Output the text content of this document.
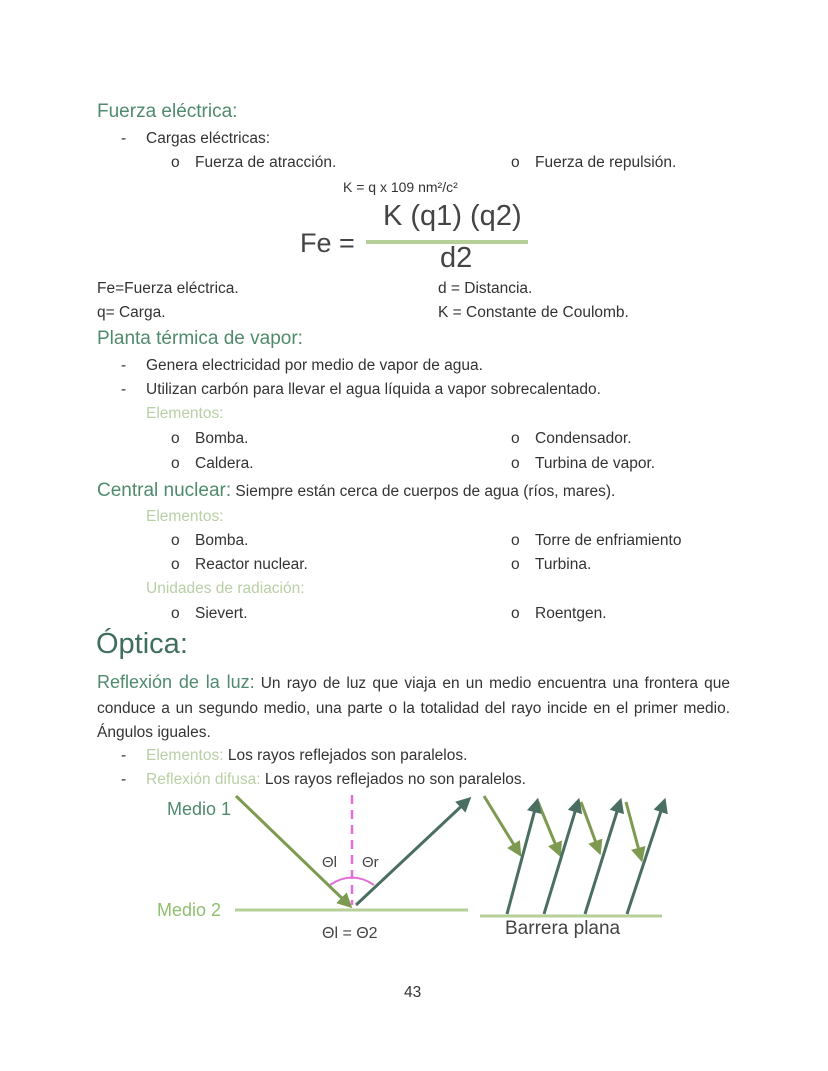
Fuerza eléctrica:
- Cargas eléctricas:
o Fuerza de atracción.	o Fuerza de repulsión.
K = q x 109 nm²/c²
Fe =
K (q1) (q2)
d2
Fe=Fuerza eléctrica.	d = Distancia.
q= Carga.	K = Constante de Coulomb.
Planta térmica de vapor:
- Genera electricidad por medio de vapor de agua.
- Utilizan carbón para llevar el agua líquida a vapor sobrecalentado.
Elementos:
o Bomba.	o Condensador.
o Caldera.	o Turbina de vapor.
Central nuclear: Siempre están cerca de cuerpos de agua (ríos, mares).
Elementos:
o Bomba.	o Torre de enfriamiento
o Reactor nuclear.	o Turbina.
Unidades de radiación:
o Sievert.	o Roentgen.
Óptica:
Reflexión de la luz: Un rayo de luz que viaja en un medio encuentra una frontera que conduce a un segundo medio, una parte o la totalidad del rayo incide en el primer medio. Ángulos iguales.
- Elementos: Los rayos reflejados son paralelos.
- Reflexión difusa: Los rayos reflejados no son paralelos.
Medio 1
Medio 2
Θl Θr
Θl = Θ2	Barrera plana
43
